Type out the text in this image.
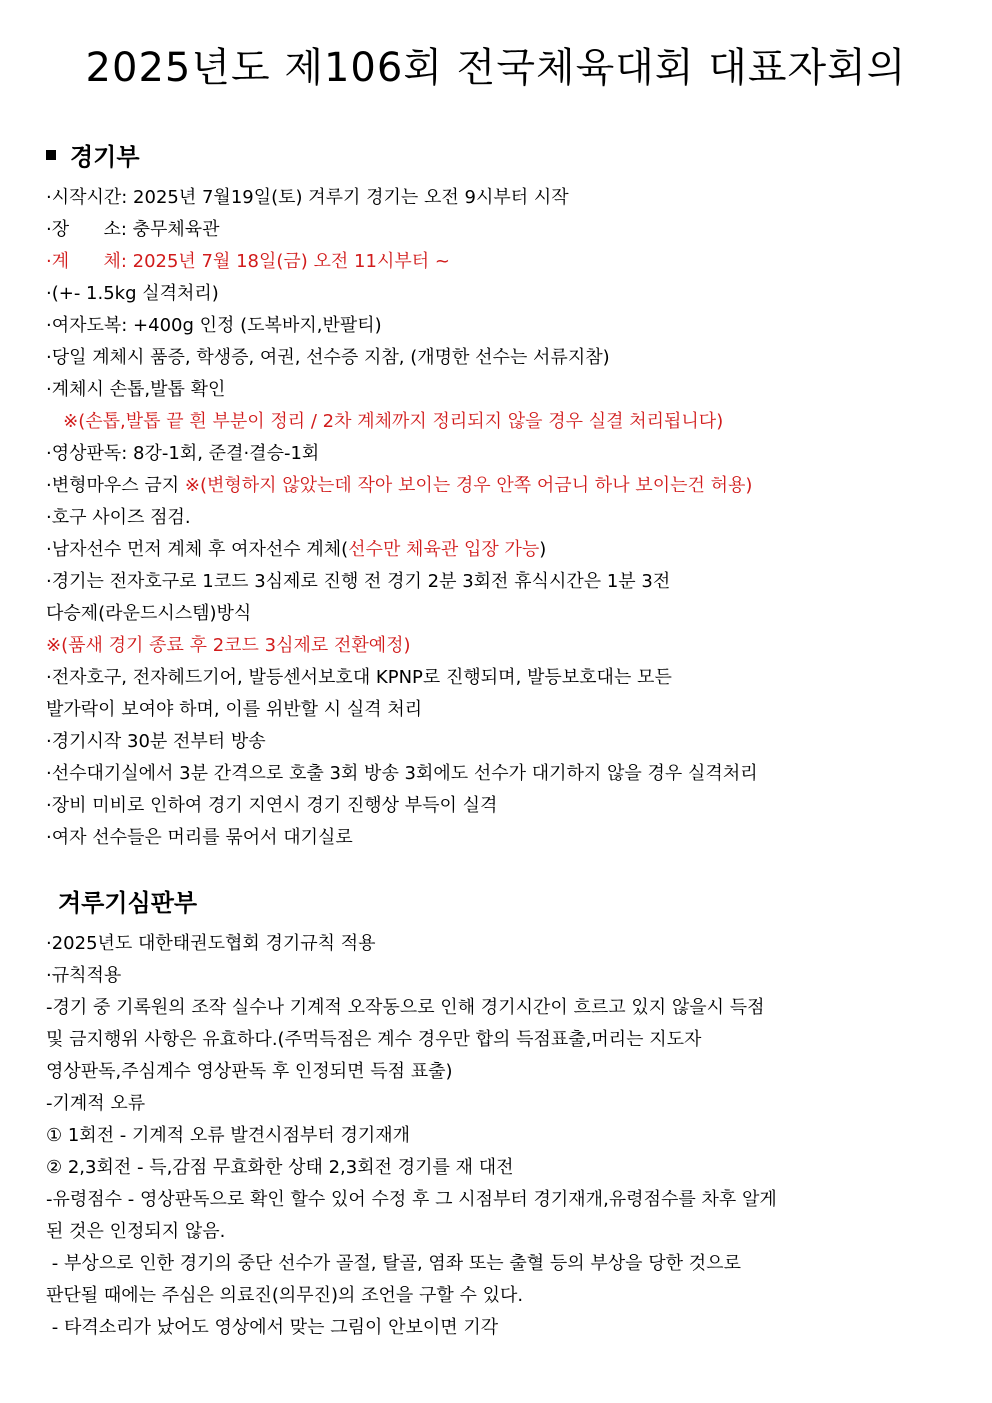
2025년도 제106회 전국체육대회 대표자회의
경기부
·시작시간: 2025년 7월19일(토) 겨루기 경기는 오전 9시부터 시작
·장      소: 충무체육관
·계      체: 2025년 7월 18일(금) 오전 11시부터 ~
·(+- 1.5kg 실격처리)
·여자도복: +400g 인정 (도복바지,반팔티)
·당일 계체시 품증, 학생증, 여권, 선수증 지참, (개명한 선수는 서류지참)
·계체시 손톱,발톱 확인
※(손톱,발톱 끝 흰 부분이 정리 / 2차 계체까지 정리되지 않을 경우 실결 처리됩니다)
·영상판독: 8강-1회, 준결·결승-1회
·변형마우스 금지 ※(변형하지 않았는데 작아 보이는 경우 안쪽 어금니 하나 보이는건 허용)
·호구 사이즈 점검.
·남자선수 먼저 계체 후 여자선수 계체(선수만 체육관 입장 가능)
·경기는 전자호구로 1코드 3심제로 진행 전 경기 2분 3회전 휴식시간은 1분 3전
다승제(라운드시스템)방식
※(품새 경기 종료 후 2코드 3심제로 전환예정)
·전자호구, 전자헤드기어, 발등센서보호대 KPNP로 진행되며, 발등보호대는 모든
발가락이 보여야 하며, 이를 위반할 시 실격 처리
·경기시작 30분 전부터 방송
·선수대기실에서 3분 간격으로 호출 3회 방송 3회에도 선수가 대기하지 않을 경우 실격처리
·장비 미비로 인하여 경기 지연시 경기 진행상 부득이 실격
·여자 선수들은 머리를 묶어서 대기실로
겨루기심판부
·2025년도 대한태권도협회 경기규칙 적용
·규칙적용
-경기 중 기록원의 조작 실수나 기계적 오작동으로 인해 경기시간이 흐르고 있지 않을시 득점
및 금지행위 사항은 유효하다.(주먹득점은 계수 경우만 합의 득점표출,머리는 지도자
영상판독,주심계수 영상판독 후 인정되면 득점 표출)
-기계적 오류
① 1회전 - 기계적 오류 발견시점부터 경기재개
② 2,3회전 - 득,감점 무효화한 상태 2,3회전 경기를 재 대전
-유령점수 - 영상판독으로 확인 할수 있어 수정 후 그 시점부터 경기재개,유령점수를 차후 알게
된 것은 인정되지 않음.
- 부상으로 인한 경기의 중단 선수가 골절, 탈골, 염좌 또는 출혈 등의 부상을 당한 것으로
판단될 때에는 주심은 의료진(의무진)의 조언을 구할 수 있다.
- 타격소리가 났어도 영상에서 맞는 그림이 안보이면 기각
